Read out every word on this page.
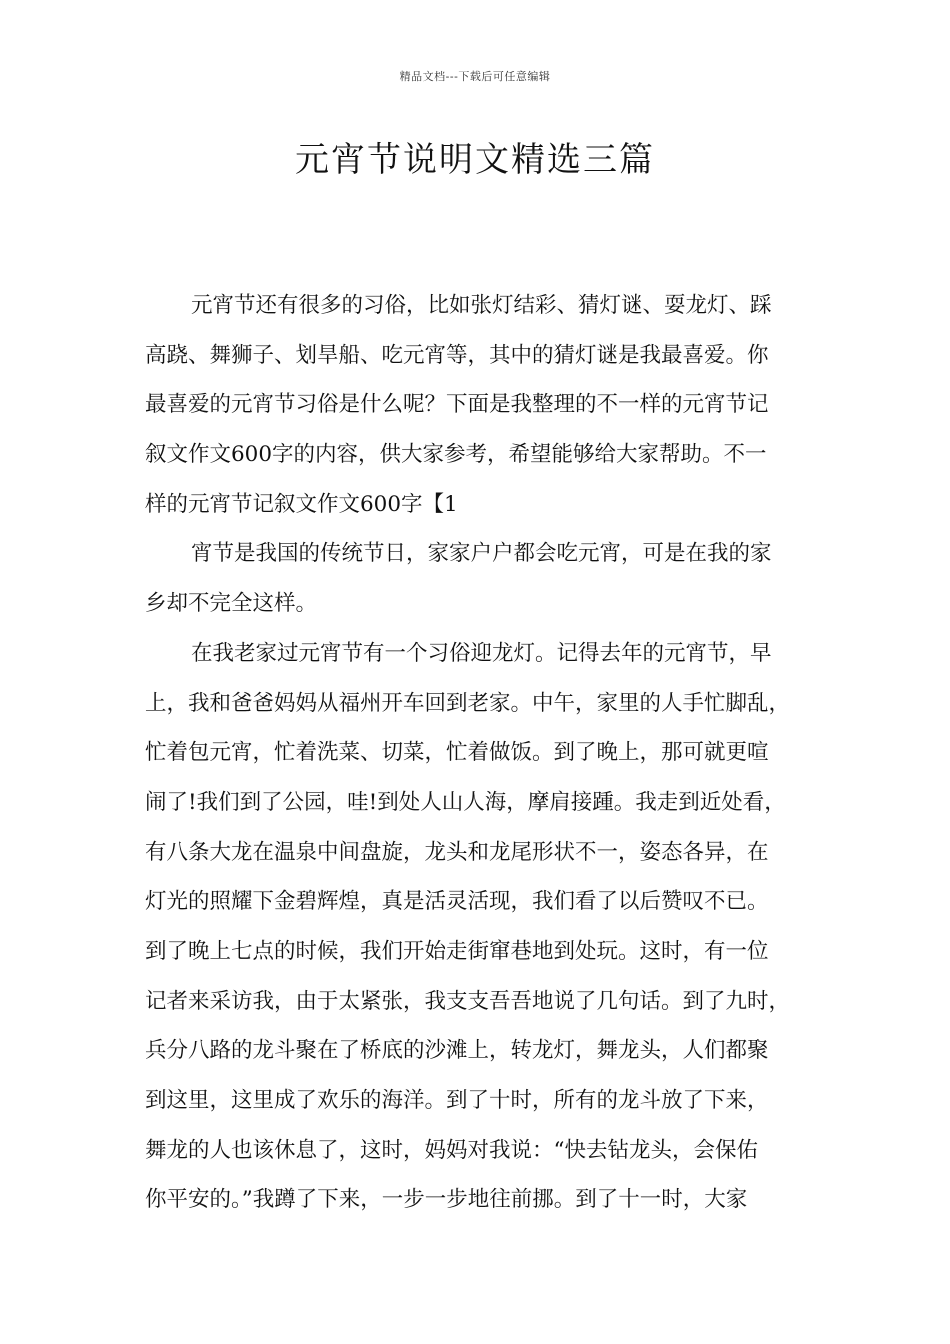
精品文档---下载后可任意编辑
元宵节说明文精选三篇
元宵节还有很多的习俗，比如张灯结彩、猜灯谜、耍龙灯、踩
高跷、舞狮子、划旱船、吃元宵等，其中的猜灯谜是我最喜爱。你
最喜爱的元宵节习俗是什么呢？下面是我整理的不一样的元宵节记
叙文作文600字的内容，供大家参考，希望能够给大家帮助。不一
样的元宵节记叙文作文600字【1
宵节是我国的传统节日，家家户户都会吃元宵，可是在我的家
乡却不完全这样。
在我老家过元宵节有一个习俗迎龙灯。记得去年的元宵节，早
上，我和爸爸妈妈从福州开车回到老家。中午，家里的人手忙脚乱，
忙着包元宵，忙着洗菜、切菜，忙着做饭。到了晚上，那可就更喧
闹了!我们到了公园，哇!到处人山人海，摩肩接踵。我走到近处看，
有八条大龙在温泉中间盘旋，龙头和龙尾形状不一，姿态各异，在
灯光的照耀下金碧辉煌，真是活灵活现，我们看了以后赞叹不已。
到了晚上七点的时候，我们开始走街窜巷地到处玩。这时，有一位
记者来采访我，由于太紧张，我支支吾吾地说了几句话。到了九时，
兵分八路的龙斗聚在了桥底的沙滩上，转龙灯，舞龙头，人们都聚
到这里，这里成了欢乐的海洋。到了十时，所有的龙斗放了下来，
舞龙的人也该休息了，这时，妈妈对我说：“快去钻龙头，会保佑
你平安的。”我蹲了下来，一步一步地往前挪。到了十一时，大家
